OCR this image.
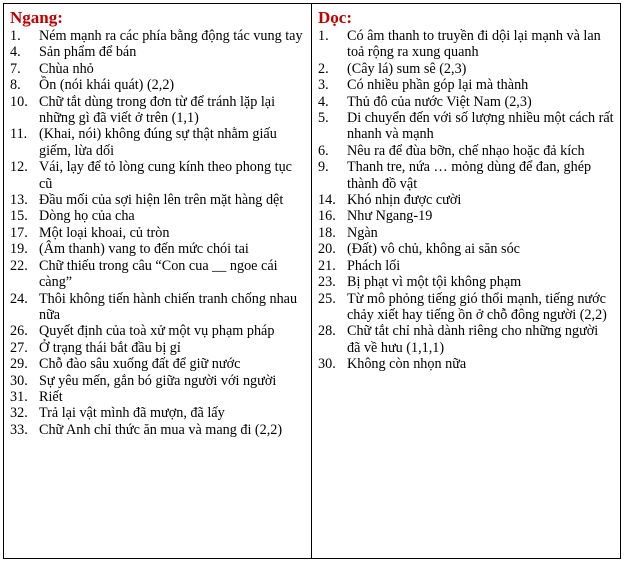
Ngang:
1.	Ném mạnh ra các phía bằng động tác vung tay
4.	Sản phẩm để bán
7.	Chùa nhỏ
8.	Ồn (nói khái quát) (2,2)
10. Chữ tắt dùng trong đơn từ để tránh lặp lại những gì đã viết ở trên (1,1)
11. (Khai, nói) không đúng sự thật nhằm giấu giếm, lừa dối
12. Vái, lạy để tỏ lòng cung kính theo phong tục cũ
13. Đầu mối của sợi hiện lên trên mặt hàng dệt
15. Dòng họ của cha
17. Một loại khoai, củ tròn
19. (Âm thanh) vang to đến mức chói tai
22. Chữ thiếu trong câu “Con cua __ ngoe cái càng”
24. Thôi không tiến hành chiến tranh chống nhau nữa
26. Quyết định của toà xử một vụ phạm pháp
27. Ở trạng thái bắt đầu bị gỉ
29. Chỗ đào sâu xuống đất để giữ nước
30. Sự yêu mến, gắn bó giữa người với người
31. Riết
32. Trả lại vật mình đã mượn, đã lấy
33. Chữ Anh chỉ thức ăn mua và mang đi (2,2)
Dọc:
1.	Có âm thanh to truyền đi dội lại mạnh và lan toả rộng ra xung quanh
2.	(Cây lá) sum sê (2,3)
3.	Có nhiều phần góp lại mà thành
4.	Thủ đô của nước Việt Nam (2,3)
5.	Di chuyển đến với số lượng nhiều một cách rất nhanh và mạnh
6.	Nêu ra để đùa bỡn, chế nhạo hoặc đả kích
9.	Thanh tre, nứa … mỏng dùng để đan, ghép thành đồ vật
14. Khó nhịn được cười
16. Như Ngang-19
18. Ngàn
20. (Đất) vô chủ, không ai săn sóc
21. Phách lối
23. Bị phạt vì một tội không phạm
25. Từ mô phỏng tiếng gió thổi mạnh, tiếng nước chảy xiết hay tiếng ồn ở chỗ đông người (2,2)
28. Chữ tắt chỉ nhà dành riêng cho những người đã về hưu (1,1,1)
30. Không còn nhọn nữa
